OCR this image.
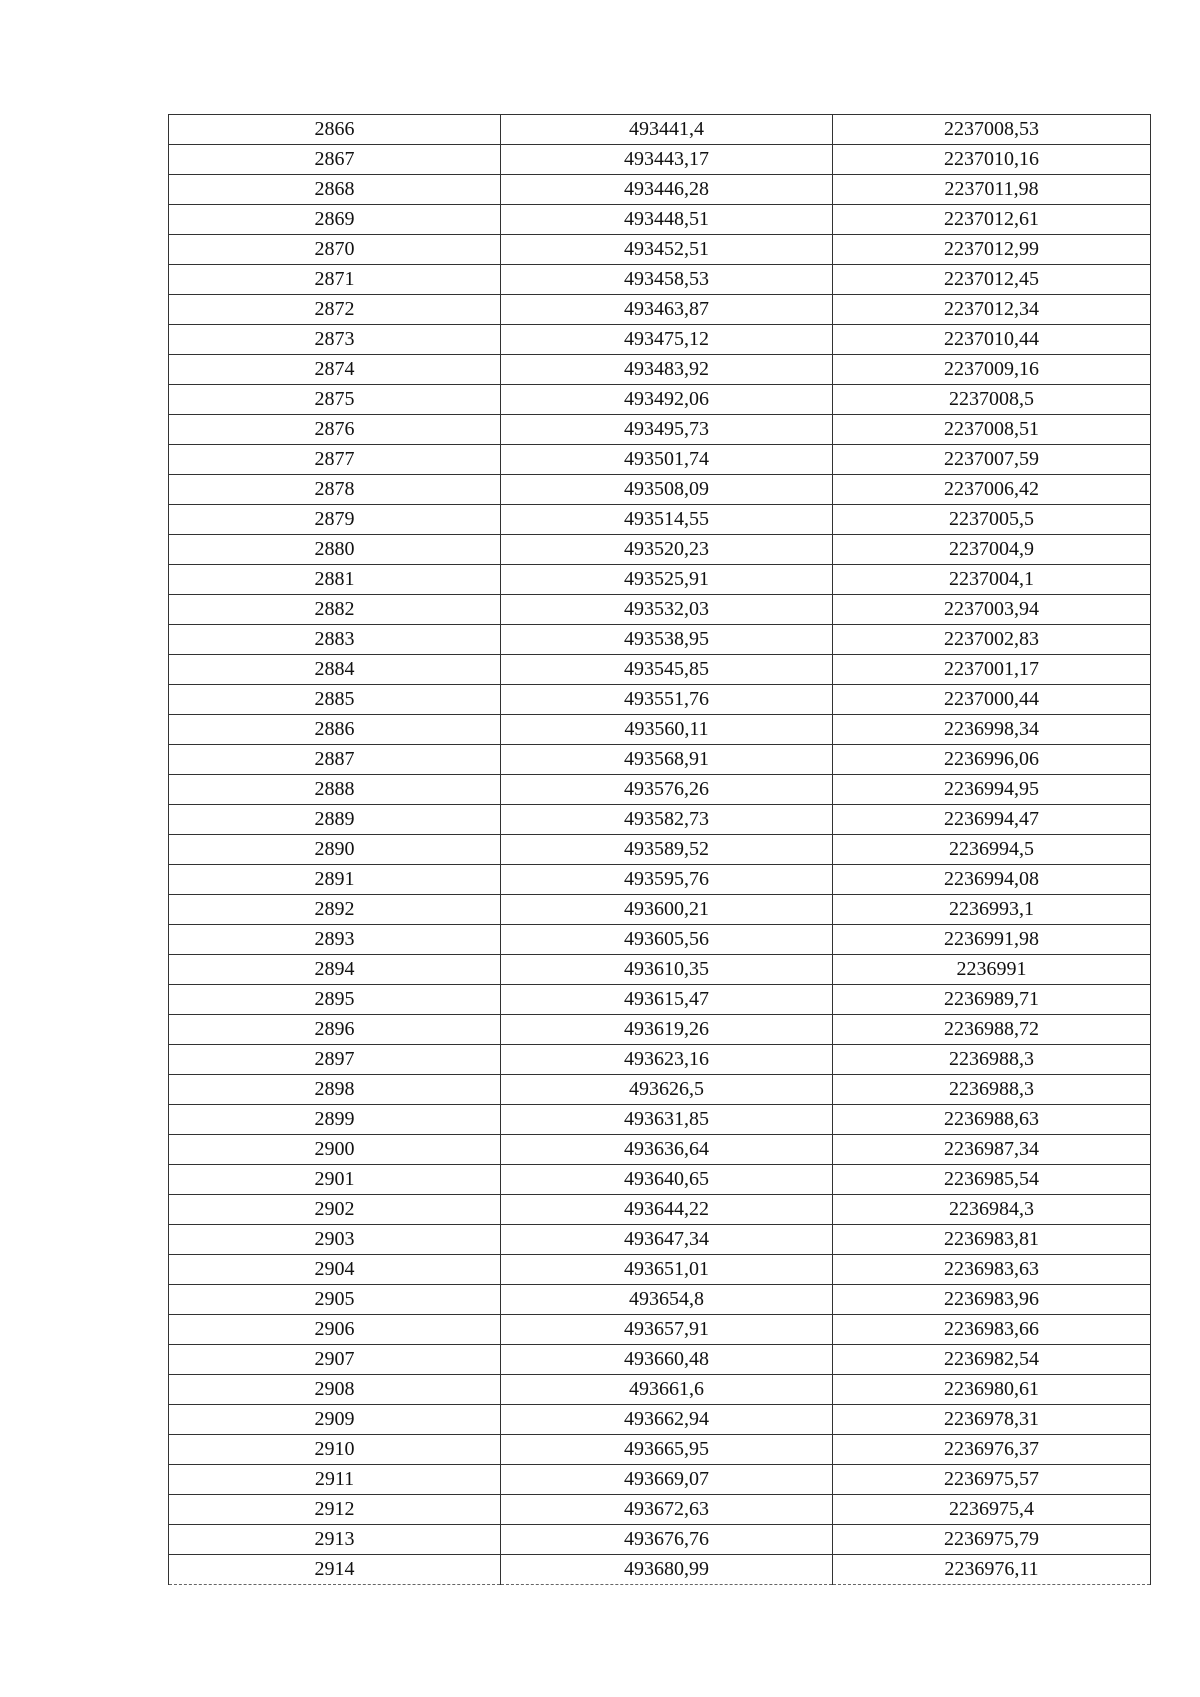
2866	493441,4	2237008,53
2867	493443,17	2237010,16
2868	493446,28	2237011,98
2869	493448,51	2237012,61
2870	493452,51	2237012,99
2871	493458,53	2237012,45
2872	493463,87	2237012,34
2873	493475,12	2237010,44
2874	493483,92	2237009,16
2875	493492,06	2237008,5
2876	493495,73	2237008,51
2877	493501,74	2237007,59
2878	493508,09	2237006,42
2879	493514,55	2237005,5
2880	493520,23	2237004,9
2881	493525,91	2237004,1
2882	493532,03	2237003,94
2883	493538,95	2237002,83
2884	493545,85	2237001,17
2885	493551,76	2237000,44
2886	493560,11	2236998,34
2887	493568,91	2236996,06
2888	493576,26	2236994,95
2889	493582,73	2236994,47
2890	493589,52	2236994,5
2891	493595,76	2236994,08
2892	493600,21	2236993,1
2893	493605,56	2236991,98
2894	493610,35	2236991
2895	493615,47	2236989,71
2896	493619,26	2236988,72
2897	493623,16	2236988,3
2898	493626,5	2236988,3
2899	493631,85	2236988,63
2900	493636,64	2236987,34
2901	493640,65	2236985,54
2902	493644,22	2236984,3
2903	493647,34	2236983,81
2904	493651,01	2236983,63
2905	493654,8	2236983,96
2906	493657,91	2236983,66
2907	493660,48	2236982,54
2908	493661,6	2236980,61
2909	493662,94	2236978,31
2910	493665,95	2236976,37
2911	493669,07	2236975,57
2912	493672,63	2236975,4
2913	493676,76	2236975,79
2914	493680,99	2236976,11
